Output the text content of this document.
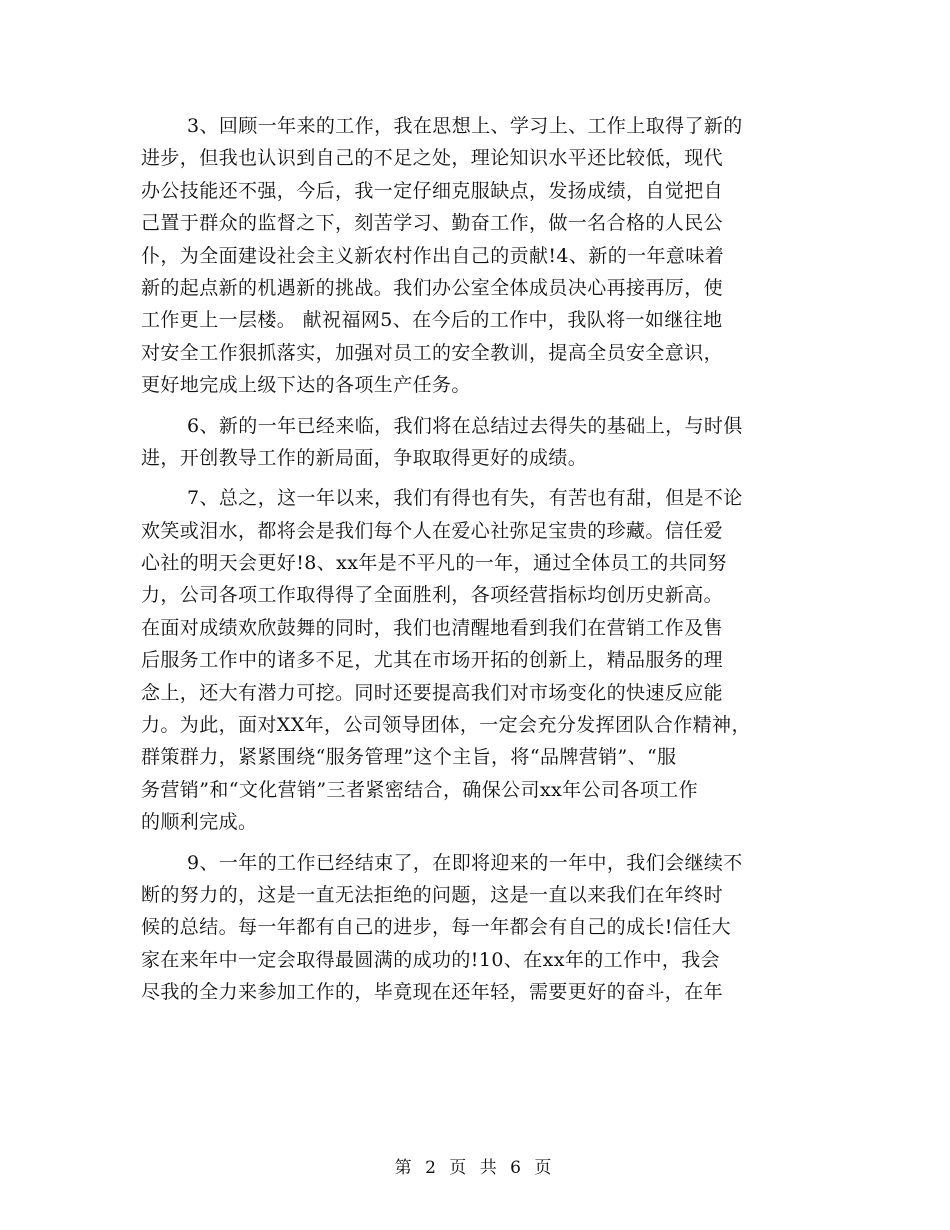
3、回顾一年来的工作，我在思想上、学习上、工作上取得了新的
进步，但我也认识到自己的不足之处，理论知识水平还比较低，现代
办公技能还不强，今后，我一定仔细克服缺点，发扬成绩，自觉把自
己置于群众的监督之下，刻苦学习、勤奋工作，做一名合格的人民公
仆，为全面建设社会主义新农村作出自己的贡献!4、新的一年意味着
新的起点新的机遇新的挑战。我们办公室全体成员决心再接再厉，使
工作更上一层楼。 献祝福网5、在今后的工作中，我队将一如继往地
对安全工作狠抓落实，加强对员工的安全教训，提高全员安全意识，
更好地完成上级下达的各项生产任务。
6、新的一年已经来临，我们将在总结过去得失的基础上，与时俱
进，开创教导工作的新局面，争取取得更好的成绩。
7、总之，这一年以来，我们有得也有失，有苦也有甜，但是不论
欢笑或泪水，都将会是我们每个人在爱心社弥足宝贵的珍藏。信任爱
心社的明天会更好!8、xx年是不平凡的一年，通过全体员工的共同努
力，公司各项工作取得得了全面胜利，各项经营指标均创历史新高。
在面对成绩欢欣鼓舞的同时，我们也清醒地看到我们在营销工作及售
后服务工作中的诸多不足，尤其在市场开拓的创新上，精品服务的理
念上，还大有潜力可挖。同时还要提高我们对市场变化的快速反应能
力。为此，面对XX年，公司领导团体，一定会充分发挥团队合作精神，
群策群力，紧紧围绕“服务管理”这个主旨，将“品牌营销”、“服
务营销”和“文化营销”三者紧密结合，确保公司xx年公司各项工作
的顺利完成。
9、一年的工作已经结束了，在即将迎来的一年中，我们会继续不
断的努力的，这是一直无法拒绝的问题，这是一直以来我们在年终时
候的总结。每一年都有自己的进步，每一年都会有自己的成长!信任大
家在来年中一定会取得最圆满的成功的!10、在xx年的工作中，我会
尽我的全力来参加工作的，毕竟现在还年轻，需要更好的奋斗，在年
第 2 页 共 6 页
